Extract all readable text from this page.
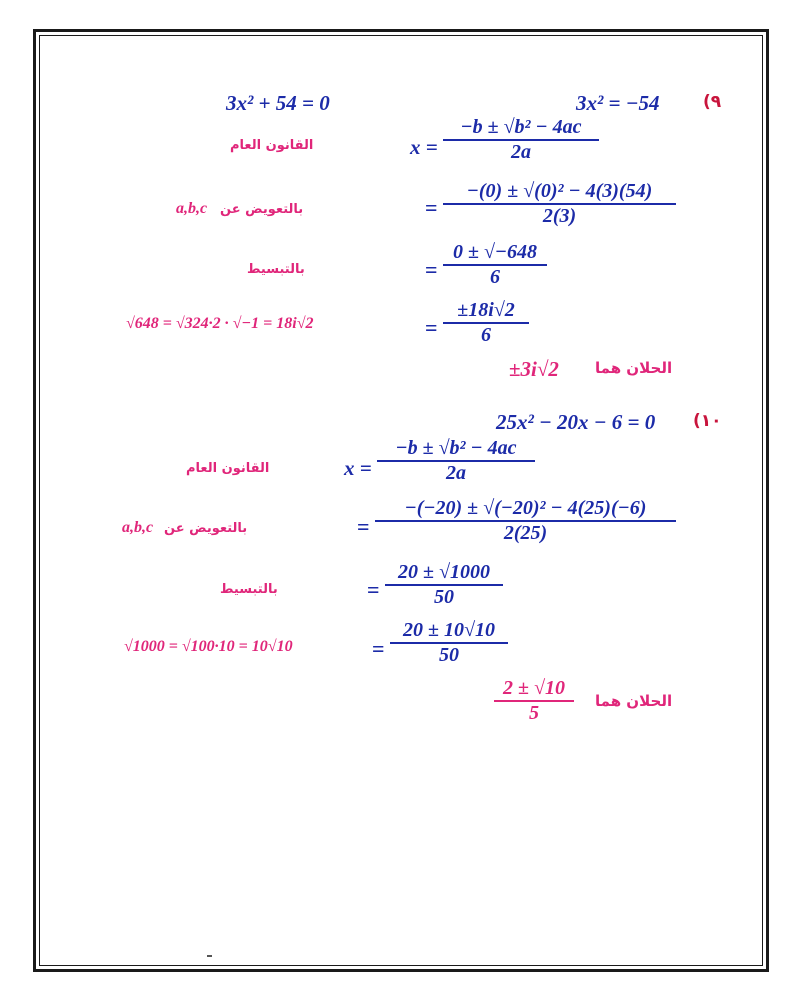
(٩
3x² = −54
3x² + 54 = 0
القانون العام	x =
−b ± √b² − 4ac
2a
بالتعويض عن
a,b,c	=
−(0) ± √(0)² − 4(3)(54)
2(3)
بالتبسيط	=
0 ± √−648
6
√648 = √324·2 · √−1 = 18i√2	=
±18i√2
6
الحلان هما
±3i√2
(١٠
25x² − 20x − 6 = 0
القانون العام	x =
−b ± √b² − 4ac
2a
بالتعويض عن
a,b,c	=
−(−20) ± √(−20)² − 4(25)(−6)
2(25)
بالتبسيط	=
20 ± √1000
50
√1000 = √100·10 = 10√10	=
20 ± 10√10
50
الحلان هما
2 ± √10
5
